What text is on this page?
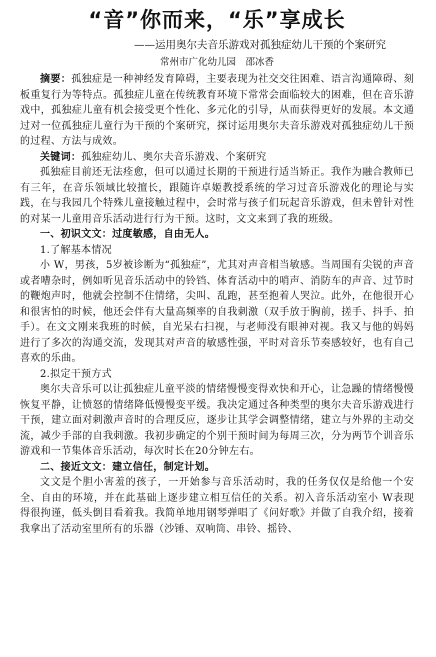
“音”你而来，“乐”享成长
——运用奥尔夫音乐游戏对孤独症幼儿干预的个案研究
常州市广化幼儿园　邵冰香

摘要：孤独症是一种神经发育障碍，主要表现为社交交往困难、语言沟通障碍、刻板重复行为等特点。孤独症儿童在传统教育环境下常常会面临较大的困难，但在音乐游戏中，孤独症儿童有机会接受更个性化、多元化的引导，从而获得更好的发展。本文通过对一位孤独症儿童行为干预的个案研究，探讨运用奥尔夫音乐游戏对孤独症幼儿干预的过程、方法与成效。

关键词：孤独症幼儿、奥尔夫音乐游戏、个案研究

孤独症目前还无法痊愈，但可以通过长期的干预进行适当矫正。我作为融合教师已有三年，在音乐领域比较擅长，跟随许卓姬教授系统的学习过音乐游戏化的理论与实践，在与我园几个特殊儿童接触过程中，会时常与孩子们玩起音乐游戏，但未曾针对性的对某一儿童用音乐活动进行行为干预。这时，文文来到了我的班级。

一、初识文文：过度敏感，自由无人。

1.了解基本情况

小 W，男孩，5岁被诊断为“孤独症”，尤其对声音相当敏感。当周围有尖锐的声音或者嘈杂时，例如听见音乐活动中的铃铛、体育活动中的哨声、消防车的声音、过节时的鞭炮声时，他就会控制不住情绪，尖叫、乱跑，甚至抱着人哭泣。此外，在他很开心和很害怕的时候，他还会伴有大量高频率的自我刺激（双手放于胸前，搓手、抖手、拍手）。在文文刚来我班的时候，自光呆右扫视，与老师没有眼神对视。我又与他的妈妈进行了多次的沟通交流，发现其对声音的敏感性强，平时对音乐节奏感较好，也有自己喜欢的乐曲。

2.拟定干预方式

奥尔夫音乐可以让孤独症儿童平淡的情绪慢慢变得欢快和开心，让急躁的情绪慢慢恢复平静，让愤怒的情绪降低慢慢变平缓。我决定通过各种类型的奥尔夫音乐游戏进行干预，建立面对刺激声音时的合理反应，逐步让其学会调整情绪，建立与外界的主动交流，减少手部的自我刺激。我初步确定的个别干预时间为每周三次，分为两节个训音乐游戏和一节集体音乐活动，每次时长在20分钟左右。

二、接近文文：建立信任，制定计划。

文文是个胆小害羞的孩子，一开始参与音乐活动时，我的任务仅仅是给他一个安全、自由的环境，并在此基础上逐步建立相互信任的关系。初入音乐活动室小 W表现得很拘谨，低头倒目看着我。我简单地用钢琴弹唱了《问好歌》并做了自我介绍，接着我拿出了活动室里所有的乐器（沙锤、双响筒、串铃、摇铃、
